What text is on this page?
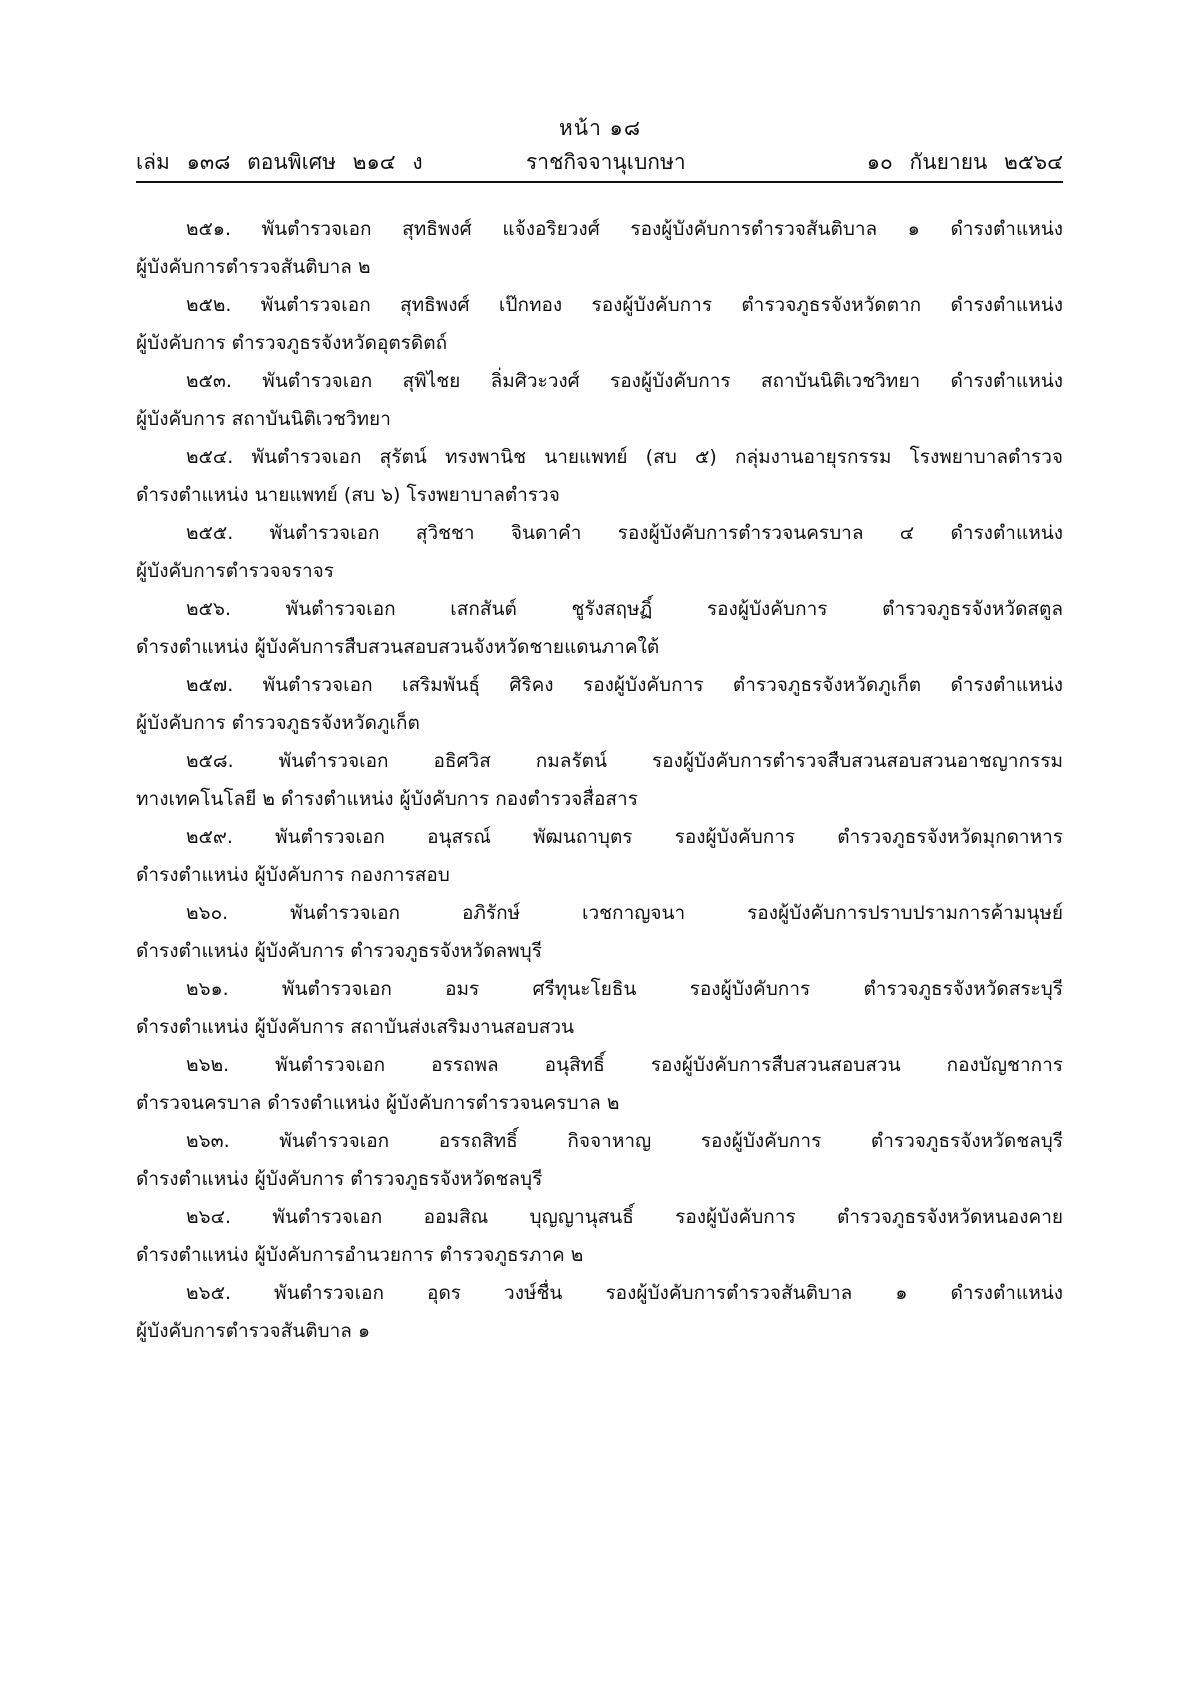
หน้า ๑๘
เล่ม ๑๓๘ ตอนพิเศษ ๒๑๔ ง	ราชกิจจานุเบกษา	๑๐ กันยายน ๒๕๖๔

๒๕๑. พันตำรวจเอก สุทธิพงศ์ แจ้งอริยวงศ์ รองผู้บังคับการตำรวจสันติบาล ๑ ดำรงตำแหน่ง
ผู้บังคับการตำรวจสันติบาล ๒

๒๕๒. พันตำรวจเอก สุทธิพงศ์ เป๊กทอง รองผู้บังคับการ ตำรวจภูธรจังหวัดตาก ดำรงตำแหน่ง
ผู้บังคับการ ตำรวจภูธรจังหวัดอุตรดิตถ์

๒๕๓. พันตำรวจเอก สุพิไชย ลิ่มศิวะวงศ์ รองผู้บังคับการ สถาบันนิติเวชวิทยา ดำรงตำแหน่ง
ผู้บังคับการ สถาบันนิติเวชวิทยา

๒๕๔. พันตำรวจเอก สุรัตน์ ทรงพานิช นายแพทย์ (สบ ๕) กลุ่มงานอายุรกรรม โรงพยาบาลตำรวจ
ดำรงตำแหน่ง นายแพทย์ (สบ ๖) โรงพยาบาลตำรวจ

๒๕๕. พันตำรวจเอก สุวิชชา จินดาคำ รองผู้บังคับการตำรวจนครบาล ๔ ดำรงตำแหน่ง
ผู้บังคับการตำรวจจราจร

๒๕๖. พันตำรวจเอก เสกสันต์ ชูรังสฤษฏิ์ รองผู้บังคับการ ตำรวจภูธรจังหวัดสตูล
ดำรงตำแหน่ง ผู้บังคับการสืบสวนสอบสวนจังหวัดชายแดนภาคใต้

๒๕๗. พันตำรวจเอก เสริมพันธุ์ ศิริคง รองผู้บังคับการ ตำรวจภูธรจังหวัดภูเก็ต ดำรงตำแหน่ง
ผู้บังคับการ ตำรวจภูธรจังหวัดภูเก็ต

๒๕๘. พันตำรวจเอก อธิศวิส กมลรัตน์ รองผู้บังคับการตำรวจสืบสวนสอบสวนอาชญากรรม
ทางเทคโนโลยี ๒ ดำรงตำแหน่ง ผู้บังคับการ กองตำรวจสื่อสาร

๒๕๙. พันตำรวจเอก อนุสรณ์ พัฒนถาบุตร รองผู้บังคับการ ตำรวจภูธรจังหวัดมุกดาหาร
ดำรงตำแหน่ง ผู้บังคับการ กองการสอบ

๒๖๐. พันตำรวจเอก อภิรักษ์ เวชกาญจนา รองผู้บังคับการปราบปรามการค้ามนุษย์
ดำรงตำแหน่ง ผู้บังคับการ ตำรวจภูธรจังหวัดลพบุรี

๒๖๑. พันตำรวจเอก อมร ศรีทุนะโยธิน รองผู้บังคับการ ตำรวจภูธรจังหวัดสระบุรี
ดำรงตำแหน่ง ผู้บังคับการ สถาบันส่งเสริมงานสอบสวน

๒๖๒. พันตำรวจเอก อรรถพล อนุสิทธิ์ รองผู้บังคับการสืบสวนสอบสวน กองบัญชาการ
ตำรวจนครบาล ดำรงตำแหน่ง ผู้บังคับการตำรวจนครบาล ๒

๒๖๓. พันตำรวจเอก อรรถสิทธิ์ กิจจาหาญ รองผู้บังคับการ ตำรวจภูธรจังหวัดชลบุรี
ดำรงตำแหน่ง ผู้บังคับการ ตำรวจภูธรจังหวัดชลบุรี

๒๖๔. พันตำรวจเอก ออมสิณ บุญญานุสนธิ์ รองผู้บังคับการ ตำรวจภูธรจังหวัดหนองคาย
ดำรงตำแหน่ง ผู้บังคับการอำนวยการ ตำรวจภูธรภาค ๒

๒๖๕. พันตำรวจเอก อุดร วงษ์ชื่น รองผู้บังคับการตำรวจสันติบาล ๑ ดำรงตำแหน่ง
ผู้บังคับการตำรวจสันติบาล ๑
